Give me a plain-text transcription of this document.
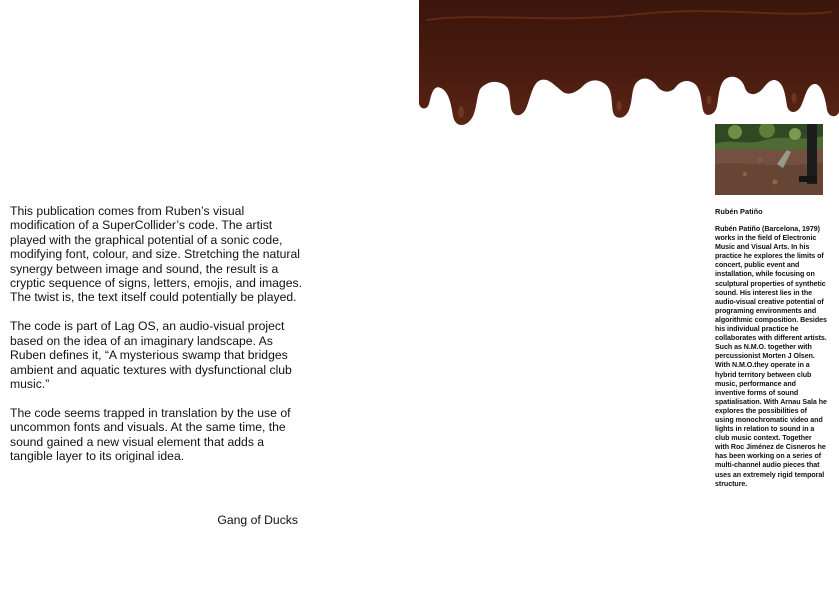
This publication comes from Ruben’s visual modification of a SuperCollider’s code. The artist played with the graphical potential of a sonic code, modifying font, colour, and size. Stretching the natural synergy between image and sound, the result is a cryptic sequence of signs, letters, emojis, and images. The twist is, the text itself could potentially be played.

The code is part of Lag OS, an audio-visual project based on the idea of an imaginary landscape. As Ruben defines it, “A mysterious swamp that bridges ambient and aquatic textures with dysfunctional club music.”

The code seems trapped in translation by the use of uncommon fonts and visuals. At the same time, the sound gained a new visual element that adds a tangible layer to its original idea.

Gang of Ducks
Rubén Patiño

Rubén Patiño (Barcelona, 1979) works in the field of Electronic Music and Visual Arts. In his practice he explores the limits of concert, public event and installation, while focusing on sculptural properties of synthetic sound. His interest lies in the audio-visual creative potential of programing environments and algorithmic composition. Besides his individual practice he collaborates with different artists.

Such as N.M.O. together with percussionist Morten J Olsen. With N.M.O.they operate in a hybrid territory between club music, performance and inventive forms of sound spatialisation. With Arnau Sala he explores the possibilities of using monochromatic video and lights in relation to sound in a club music context. Together with Roc Jiménez de Cisneros he has been working on a series of multi-channel audio pieces that uses an extremely rigid temporal structure.
